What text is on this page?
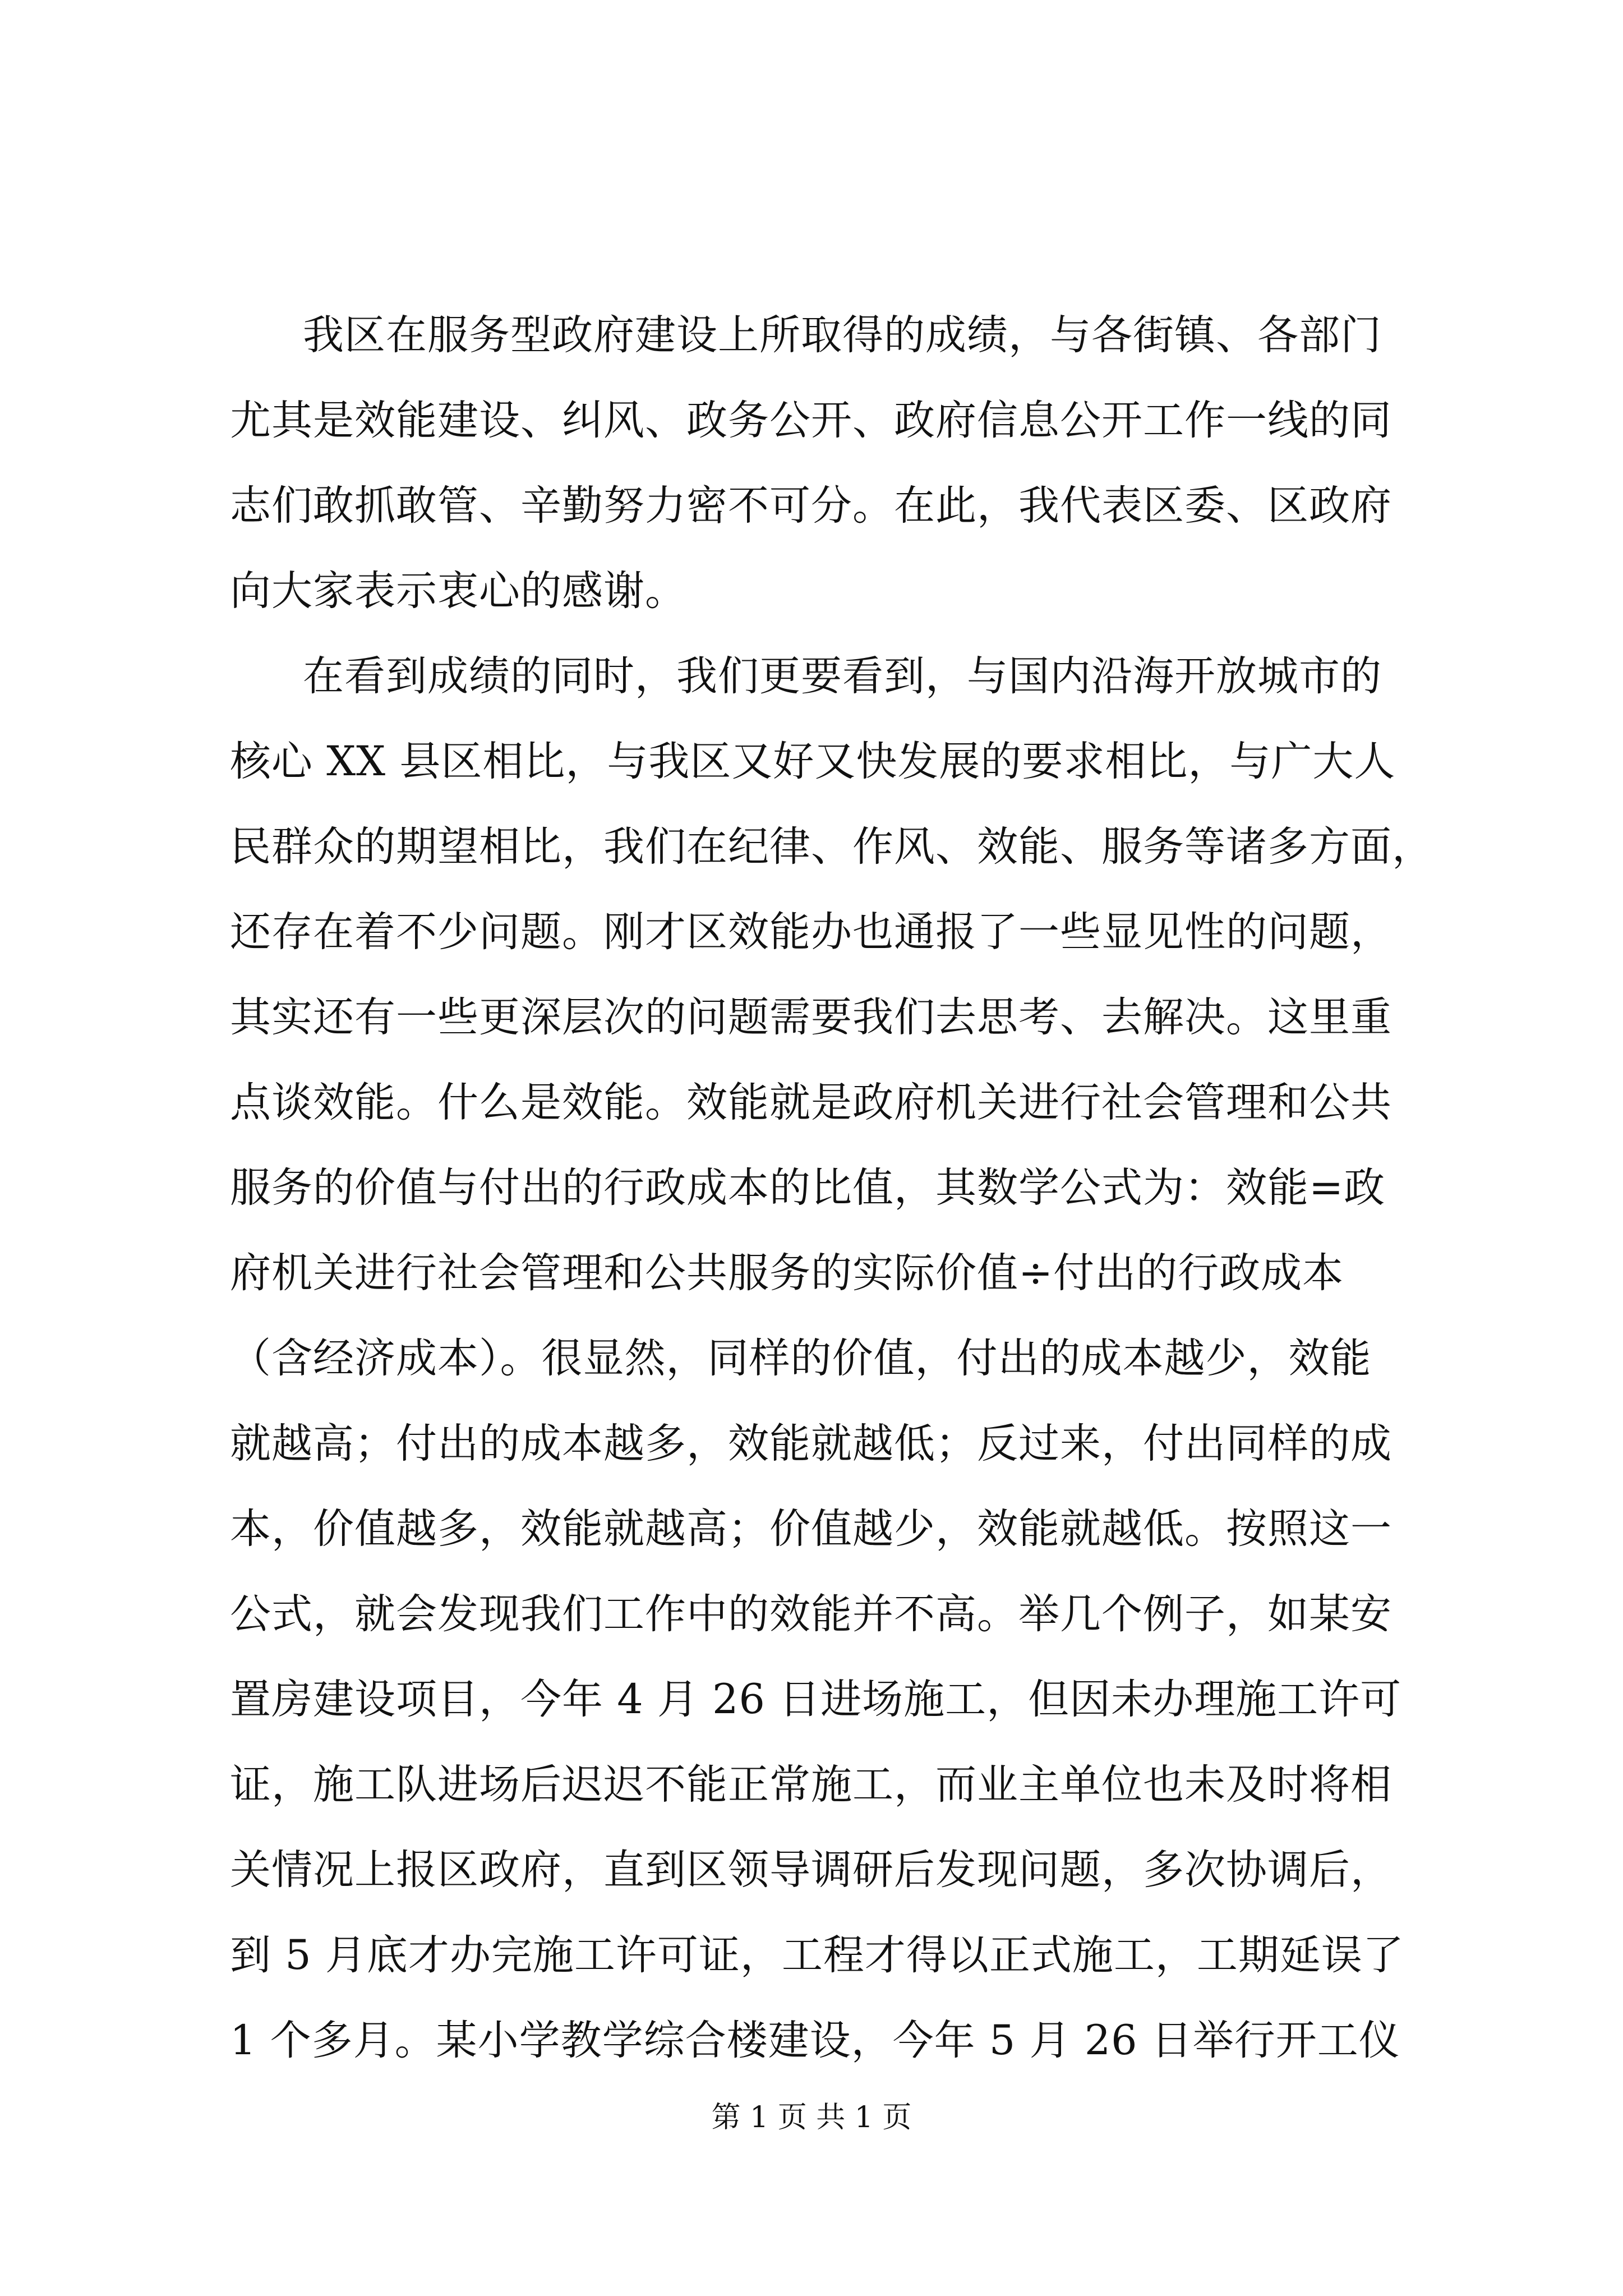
我区在服务型政府建设上所取得的成绩，与各街镇、各部门
尤其是效能建设、纠风、政务公开、政府信息公开工作一线的同
志们敢抓敢管、辛勤努力密不可分。在此，我代表区委、区政府
向大家表示衷心的感谢。
在看到成绩的同时，我们更要看到，与国内沿海开放城市的
核心 XX 县区相比，与我区又好又快发展的要求相比，与广大人
民群众的期望相比，我们在纪律、作风、效能、服务等诸多方面，
还存在着不少问题。刚才区效能办也通报了一些显见性的问题，
其实还有一些更深层次的问题需要我们去思考、去解决。这里重
点谈效能。什么是效能。效能就是政府机关进行社会管理和公共
服务的价值与付出的行政成本的比值，其数学公式为：效能=政
府机关进行社会管理和公共服务的实际价值÷付出的行政成本
（含经济成本）。很显然，同样的价值，付出的成本越少，效能
就越高；付出的成本越多，效能就越低；反过来，付出同样的成
本，价值越多，效能就越高；价值越少，效能就越低。按照这一
公式，就会发现我们工作中的效能并不高。举几个例子，如某安
置房建设项目，今年 4 月 26 日进场施工，但因未办理施工许可
证，施工队进场后迟迟不能正常施工，而业主单位也未及时将相
关情况上报区政府，直到区领导调研后发现问题，多次协调后，
到 5 月底才办完施工许可证，工程才得以正式施工，工期延误了
1 个多月。某小学教学综合楼建设，今年 5 月 26 日举行开工仪
第 1 页 共 1 页
